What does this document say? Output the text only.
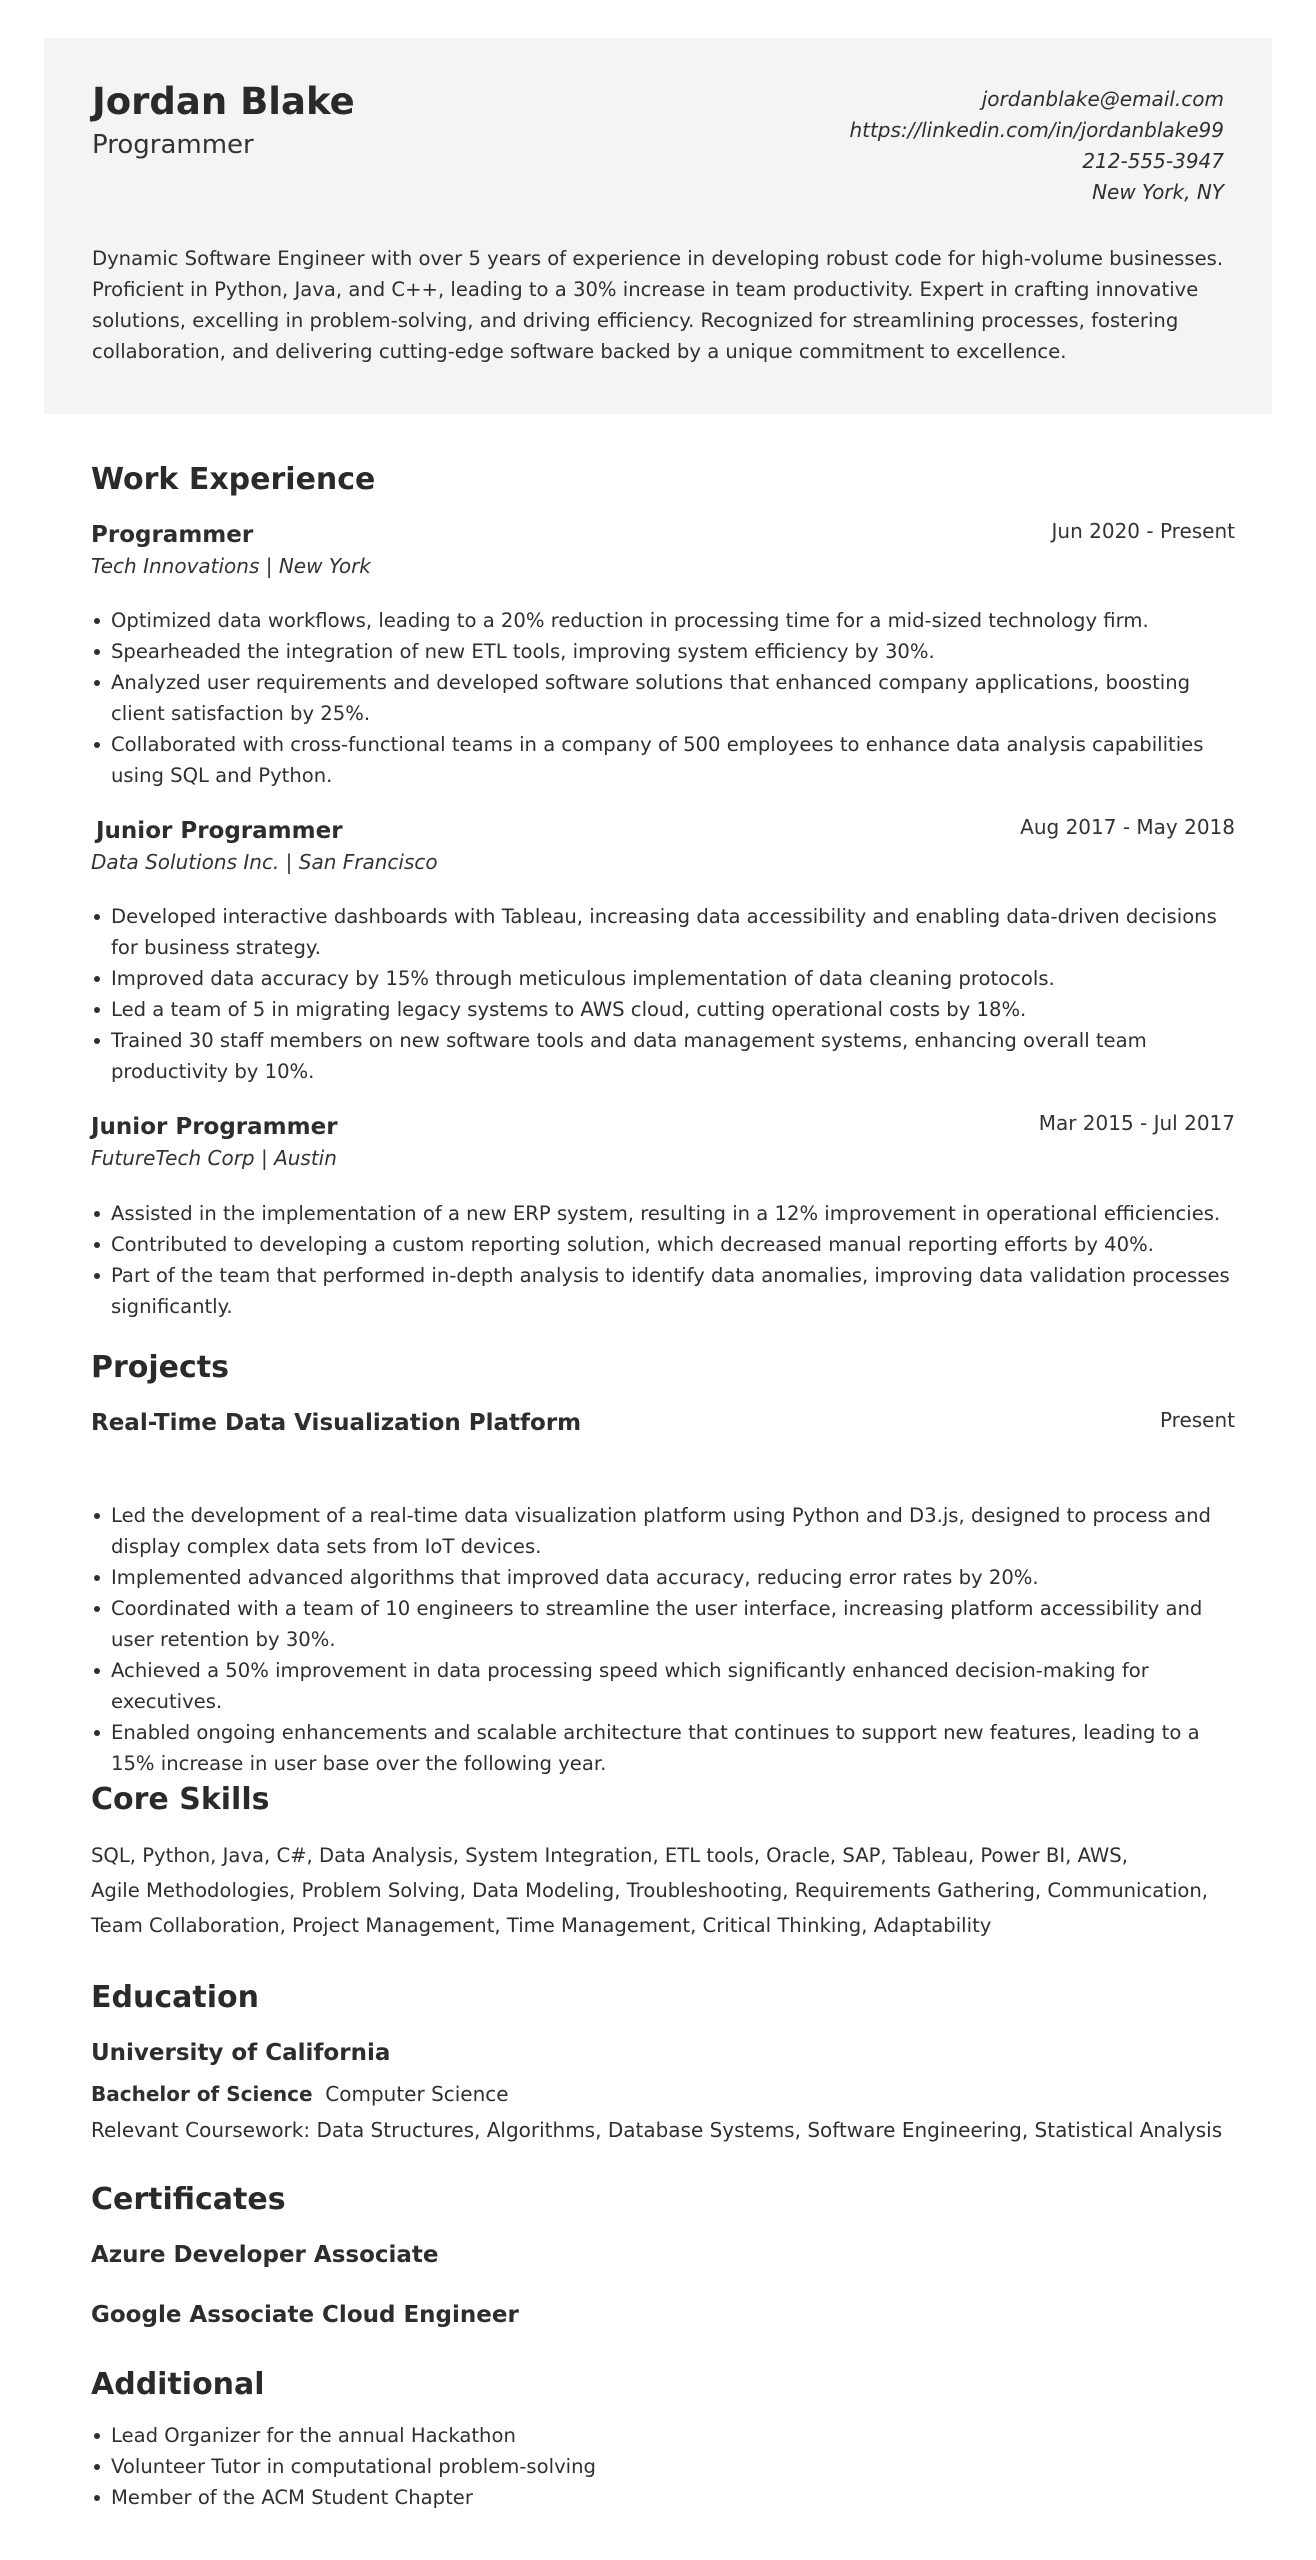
Jordan Blake
Programmer
jordanblake@email.com
https://linkedin.com/in/jordanblake99
212-555-3947
New York, NY
Dynamic Software Engineer with over 5 years of experience in developing robust code for high-volume businesses. Proficient in Python, Java, and C++, leading to a 30% increase in team productivity. Expert in crafting innovative solutions, excelling in problem-solving, and driving efficiency. Recognized for streamlining processes, fostering collaboration, and delivering cutting-edge software backed by a unique commitment to excellence.
Work Experience
Programmer	Jun 2020 - Present
Tech Innovations | New York
Optimized data workflows, leading to a 20% reduction in processing time for a mid-sized technology firm.
Spearheaded the integration of new ETL tools, improving system efficiency by 30%.
Analyzed user requirements and developed software solutions that enhanced company applications, boosting client satisfaction by 25%.
Collaborated with cross-functional teams in a company of 500 employees to enhance data analysis capabilities using SQL and Python.
Junior Programmer	Aug 2017 - May 2018
Data Solutions Inc. | San Francisco
Developed interactive dashboards with Tableau, increasing data accessibility and enabling data-driven decisions for business strategy.
Improved data accuracy by 15% through meticulous implementation of data cleaning protocols.
Led a team of 5 in migrating legacy systems to AWS cloud, cutting operational costs by 18%.
Trained 30 staff members on new software tools and data management systems, enhancing overall team productivity by 10%.
Junior Programmer	Mar 2015 - Jul 2017
FutureTech Corp | Austin
Assisted in the implementation of a new ERP system, resulting in a 12% improvement in operational efficiencies.
Contributed to developing a custom reporting solution, which decreased manual reporting efforts by 40%.
Part of the team that performed in-depth analysis to identify data anomalies, improving data validation processes significantly.
Projects
Real-Time Data Visualization Platform	Present
Led the development of a real-time data visualization platform using Python and D3.js, designed to process and display complex data sets from IoT devices.
Implemented advanced algorithms that improved data accuracy, reducing error rates by 20%.
Coordinated with a team of 10 engineers to streamline the user interface, increasing platform accessibility and user retention by 30%.
Achieved a 50% improvement in data processing speed which significantly enhanced decision-making for executives.
Enabled ongoing enhancements and scalable architecture that continues to support new features, leading to a 15% increase in user base over the following year.
Core Skills
SQL, Python, Java, C#, Data Analysis, System Integration, ETL tools, Oracle, SAP, Tableau, Power BI, AWS,
Agile Methodologies, Problem Solving, Data Modeling, Troubleshooting, Requirements Gathering, Communication,
Team Collaboration, Project Management, Time Management, Critical Thinking, Adaptability
Education
University of California
Bachelor of Science Computer Science
Relevant Coursework: Data Structures, Algorithms, Database Systems, Software Engineering, Statistical Analysis
Certificates
Azure Developer Associate
Google Associate Cloud Engineer
Additional
Lead Organizer for the annual Hackathon
Volunteer Tutor in computational problem-solving
Member of the ACM Student Chapter
